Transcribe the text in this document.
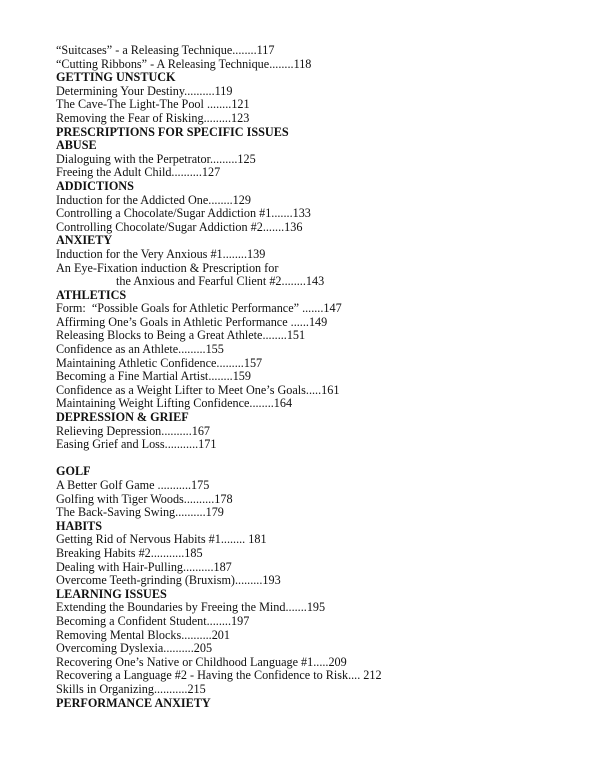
“Suitcases” - a Releasing Technique........117
“Cutting Ribbons” - A Releasing Technique........118
GETTING UNSTUCK
Determining Your Destiny..........119
The Cave-The Light-The Pool ........121
Removing the Fear of Risking.........123
PRESCRIPTIONS FOR SPECIFIC ISSUES
ABUSE
Dialoguing with the Perpetrator.........125
Freeing the Adult Child..........127
ADDICTIONS
Induction for the Addicted One........129
Controlling a Chocolate/Sugar Addiction #1.......133
Controlling Chocolate/Sugar Addiction #2.......136
ANXIETY
Induction for the Very Anxious #1........139
An Eye-Fixation induction & Prescription for
the Anxious and Fearful Client #2........143
ATHLETICS
Form:  “Possible Goals for Athletic Performance” .......147
Affirming One’s Goals in Athletic Performance ......149
Releasing Blocks to Being a Great Athlete........151
Confidence as an Athlete.........155
Maintaining Athletic Confidence.........157
Becoming a Fine Martial Artist........159
Confidence as a Weight Lifter to Meet One’s Goals.....161
Maintaining Weight Lifting Confidence........164
DEPRESSION & GRIEF
Relieving Depression..........167
Easing Grief and Loss...........171
GOLF
A Better Golf Game ...........175
Golfing with Tiger Woods..........178
The Back-Saving Swing..........179
HABITS
Getting Rid of Nervous Habits #1........ 181
Breaking Habits #2...........185
Dealing with Hair-Pulling..........187
Overcome Teeth-grinding (Bruxism).........193
LEARNING ISSUES
Extending the Boundaries by Freeing the Mind.......195
Becoming a Confident Student........197
Removing Mental Blocks..........201
Overcoming Dyslexia..........205
Recovering One’s Native or Childhood Language #1.....209
Recovering a Language #2 - Having the Confidence to Risk.... 212
Skills in Organizing...........215
PERFORMANCE ANXIETY
